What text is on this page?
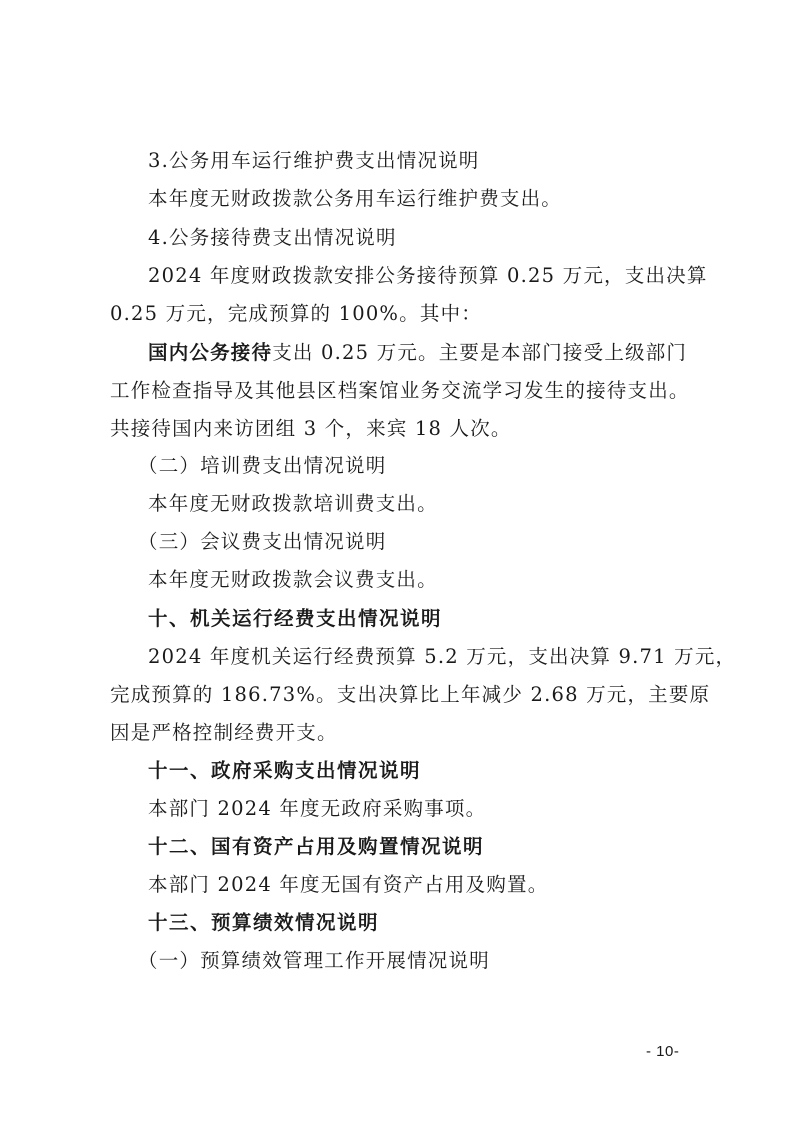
3.公务用车运行维护费支出情况说明
本年度无财政拨款公务用车运行维护费支出。
4.公务接待费支出情况说明
2024 年度财政拨款安排公务接待预算 0.25 万元，支出决算
0.25 万元，完成预算的 100%。其中：
国内公务接待支出 0.25 万元。主要是本部门接受上级部门
工作检查指导及其他县区档案馆业务交流学习发生的接待支出。
共接待国内来访团组 3 个，来宾 18 人次。
（二）培训费支出情况说明
本年度无财政拨款培训费支出。
（三）会议费支出情况说明
本年度无财政拨款会议费支出。
十、机关运行经费支出情况说明
2024 年度机关运行经费预算 5.2 万元，支出决算 9.71 万元，
完成预算的 186.73%。支出决算比上年减少 2.68 万元，主要原
因是严格控制经费开支。
十一、政府采购支出情况说明
本部门 2024 年度无政府采购事项。
十二、国有资产占用及购置情况说明
本部门 2024 年度无国有资产占用及购置。
十三、预算绩效情况说明
（一）预算绩效管理工作开展情况说明
- 10-
